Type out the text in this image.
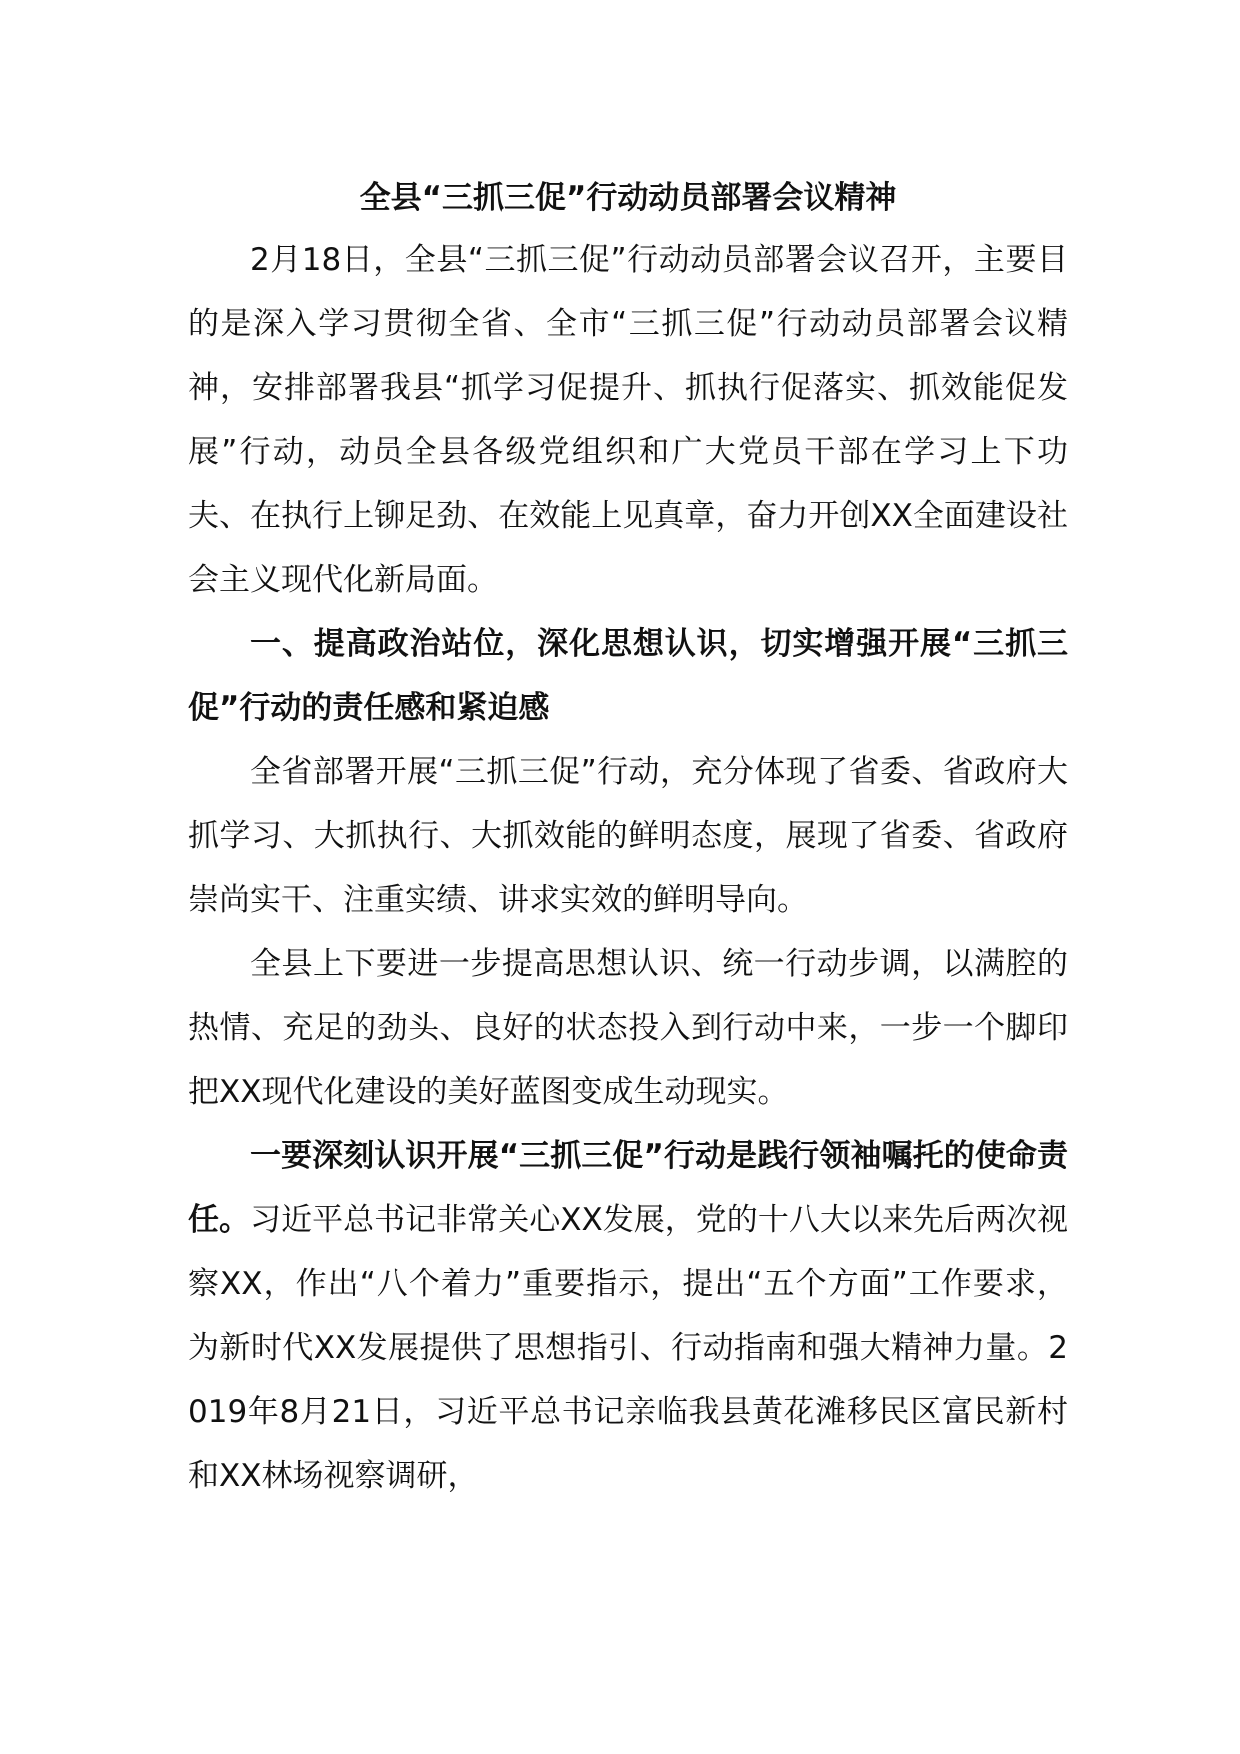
全县“三抓三促”行动动员部署会议精神

2月18日，全县“三抓三促”行动动员部署会议召开，主要目的是深入学习贯彻全省、全市“三抓三促”行动动员部署会议精神，安排部署我县“抓学习促提升、抓执行促落实、抓效能促发展”行动，动员全县各级党组织和广大党员干部在学习上下功夫、在执行上铆足劲、在效能上见真章，奋力开创XX全面建设社会主义现代化新局面。

一、提高政治站位，深化思想认识，切实增强开展“三抓三促”行动的责任感和紧迫感

全省部署开展“三抓三促”行动，充分体现了省委、省政府大抓学习、大抓执行、大抓效能的鲜明态度，展现了省委、省政府崇尚实干、注重实绩、讲求实效的鲜明导向。

全县上下要进一步提高思想认识、统一行动步调，以满腔的热情、充足的劲头、良好的状态投入到行动中来，一步一个脚印把XX现代化建设的美好蓝图变成生动现实。

一要深刻认识开展“三抓三促”行动是践行领袖嘱托的使命责任。习近平总书记非常关心XX发展，党的十八大以来先后两次视察XX，作出“八个着力”重要指示，提出“五个方面”工作要求，为新时代XX发展提供了思想指引、行动指南和强大精神力量。2019年8月21日，习近平总书记亲临我县黄花滩移民区富民新村和XX林场视察调研，
